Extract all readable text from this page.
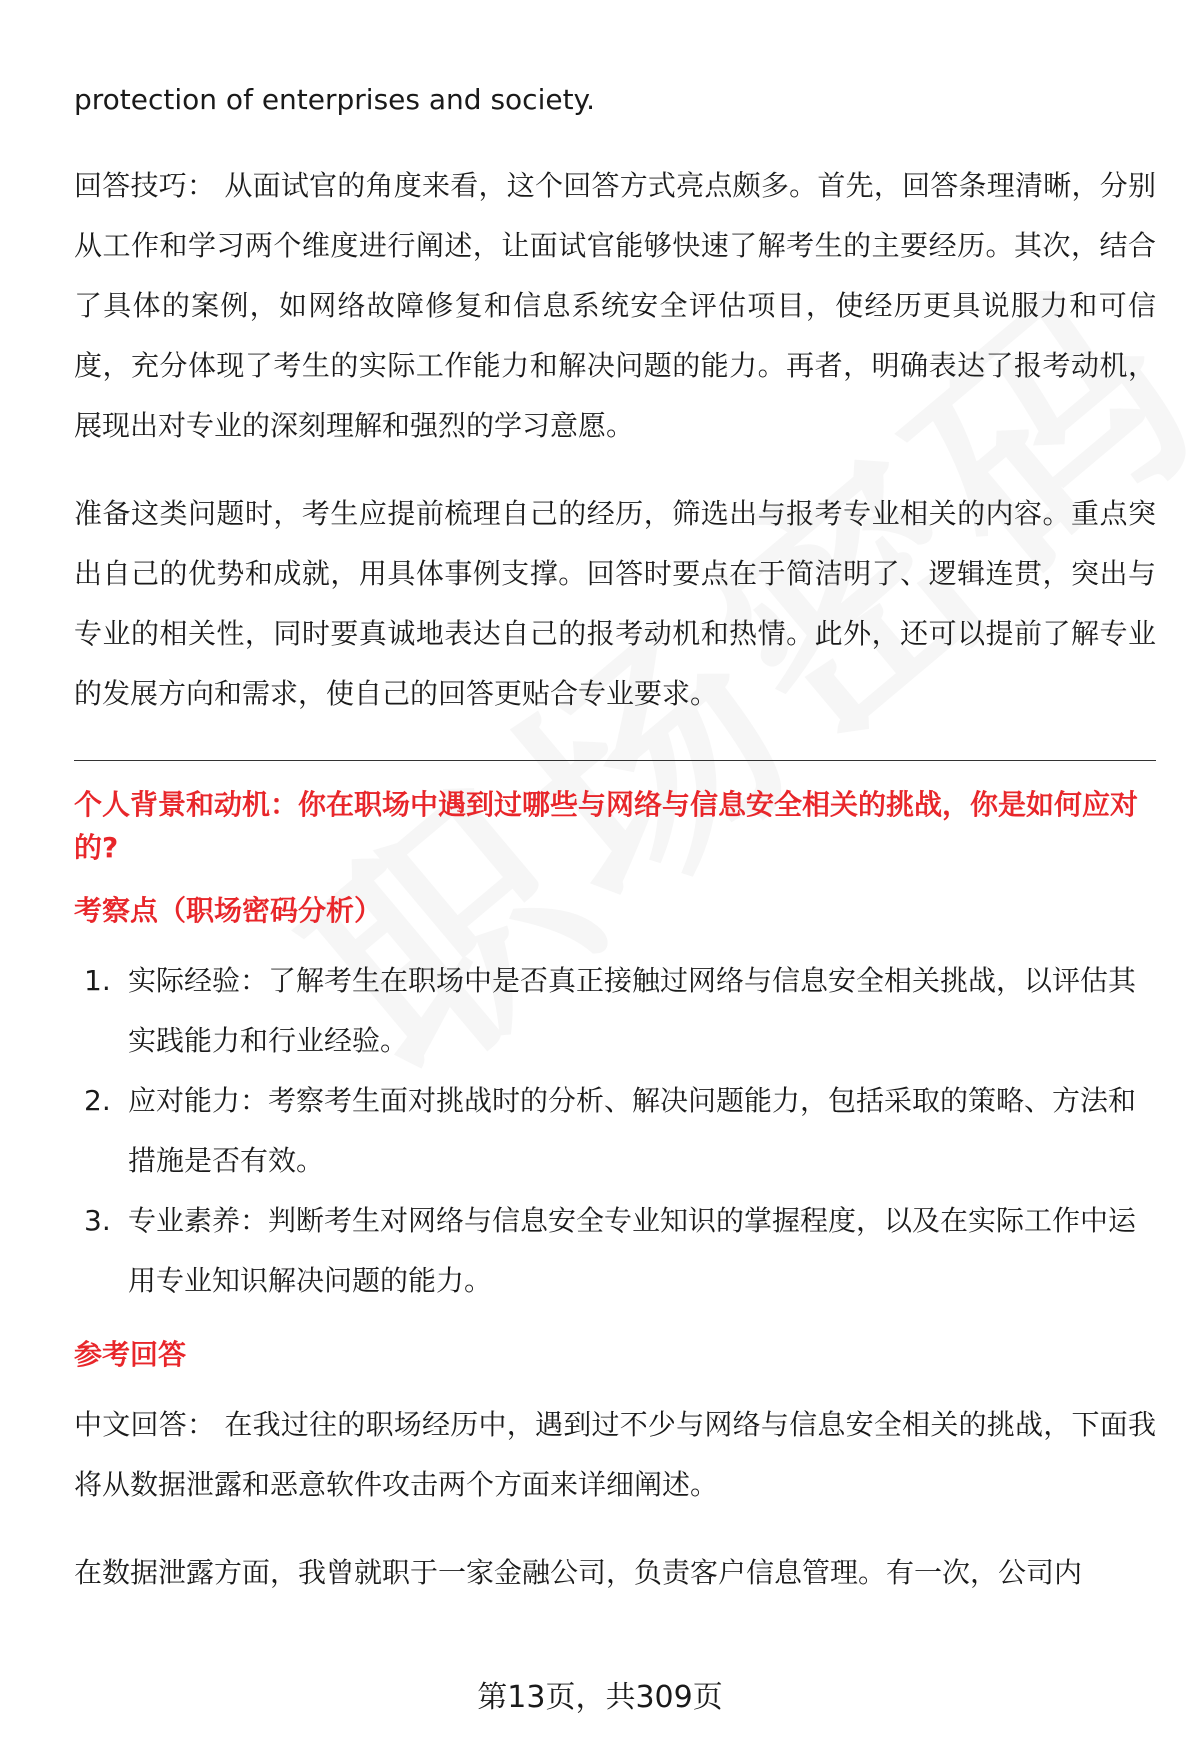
protection of enterprises and society.

回答技巧： 从面试官的角度来看，这个回答方式亮点颇多。首先，回答条理清晰，分别从工作和学习两个维度进行阐述，让面试官能够快速了解考生的主要经历。其次，结合了具体的案例，如网络故障修复和信息系统安全评估项目，使经历更具说服力和可信度，充分体现了考生的实际工作能力和解决问题的能力。再者，明确表达了报考动机，展现出对专业的深刻理解和强烈的学习意愿。

准备这类问题时，考生应提前梳理自己的经历，筛选出与报考专业相关的内容。重点突出自己的优势和成就，用具体事例支撑。回答时要点在于简洁明了、逻辑连贯，突出与专业的相关性，同时要真诚地表达自己的报考动机和热情。此外，还可以提前了解专业的发展方向和需求，使自己的回答更贴合专业要求。

个人背景和动机：你在职场中遇到过哪些与网络与信息安全相关的挑战，你是如何应对的?
考察点（职场密码分析）
1. 实际经验：了解考生在职场中是否真正接触过网络与信息安全相关挑战，以评估其实践能力和行业经验。
2. 应对能力：考察考生面对挑战时的分析、解决问题能力，包括采取的策略、方法和措施是否有效。
3. 专业素养：判断考生对网络与信息安全专业知识的掌握程度，以及在实际工作中运用专业知识解决问题的能力。
参考回答

中文回答： 在我过往的职场经历中，遇到过不少与网络与信息安全相关的挑战，下面我将从数据泄露和恶意软件攻击两个方面来详细阐述。

在数据泄露方面，我曾就职于一家金融公司，负责客户信息管理。有一次，公司内

第13页，共309页
